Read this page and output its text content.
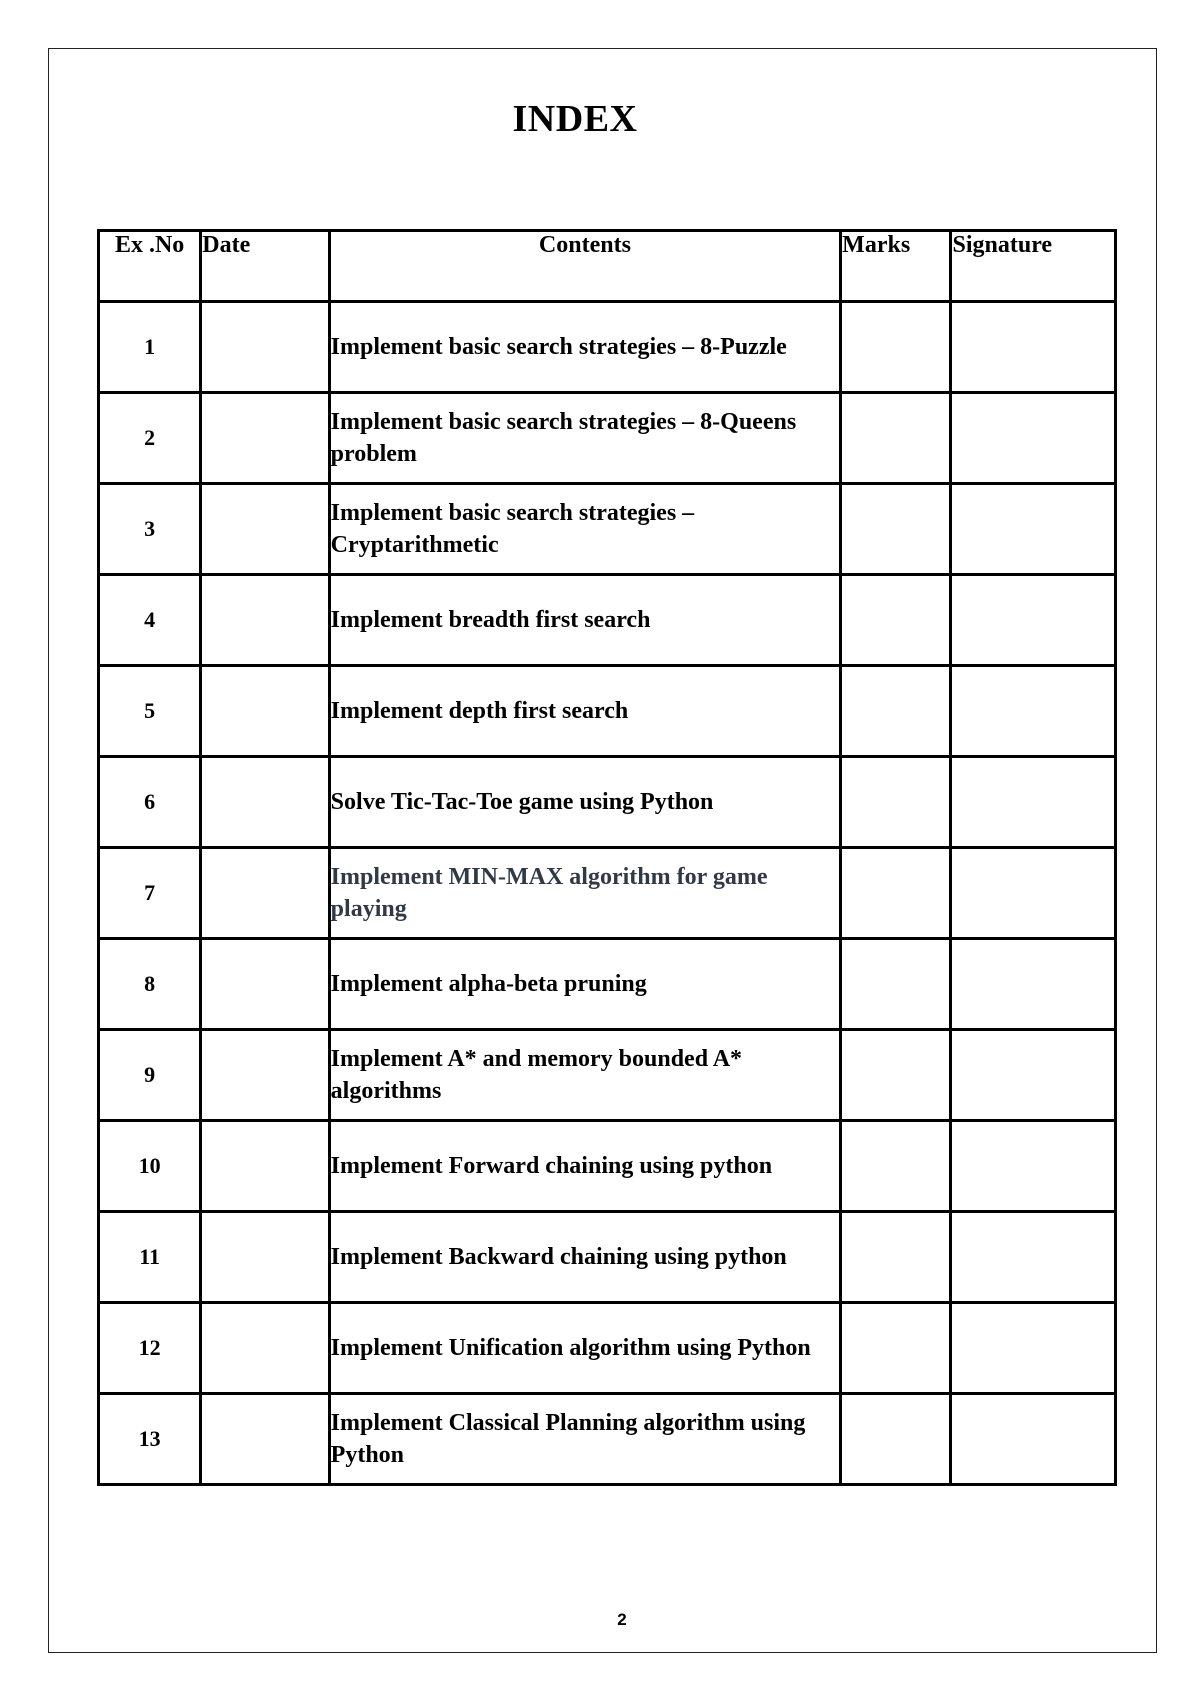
INDEX
Ex .No	Date	Contents	Marks	Signature
1		Implement basic search strategies – 8-Puzzle		
2		Implement basic search strategies – 8-Queens problem		
3		Implement basic search strategies – Cryptarithmetic		
4		Implement breadth first search		
5		Implement depth first search		
6		Solve Tic-Tac-Toe game using Python		
7		Implement MIN-MAX algorithm for game playing		
8		Implement alpha-beta pruning		
9		Implement A* and memory bounded A* algorithms		
10		Implement Forward chaining using python		
11		Implement Backward chaining using python		
12		Implement Unification algorithm using Python		
13		Implement Classical Planning algorithm using Python		
2
